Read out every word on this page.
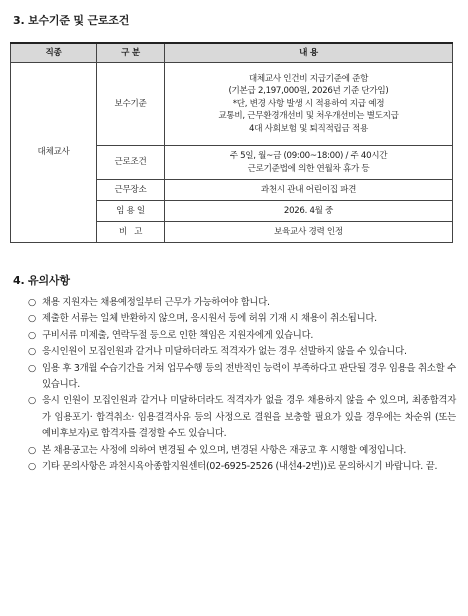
3. 보수기준 및 근로조건
직종	구 분	내 용
대체교사	보수기준	대체교사 인건비 지급기준에 준함
(기본급 2,197,000원, 2026년 기준 단가임)
*단, 변경 사항 발생 시 적용하여 지급 예정
교통비, 근무환경개선비 및 처우개선비는 별도지급
4대 사회보험 및 퇴직적립금 적용

	근로조건	주 5일, 월~금 (09:00~18:00) / 주 40시간
근로기준법에 의한 연월차 휴가 등

	근무장소	과천시 관내 어린이집 파견
	임 용 일	2026. 4월 중
	비   고	보육교사 경력 인정
4. 유의사항
○ 채용 지원자는 채용예정일부터 근무가 가능하여야 합니다.
○ 제출한 서류는 일체 반환하지 않으며, 응시원서 등에 허위 기재 시 채용이 취소됩니다.
○ 구비서류 미제출, 연락두절 등으로 인한 책임은 지원자에게 있습니다.
○ 응시인원이 모집인원과 같거나 미달하더라도 적격자가 없는 경우 선발하지 않을 수 있습니다.
○ 임용 후 3개월 수습기간을 거쳐 업무수행 등의 전반적인 능력이 부족하다고 판단될 경우 임용을 취소할 수 있습니다.
○ 응시 인원이 모집인원과 같거나 미달하더라도 적격자가 없을 경우 채용하지 않을 수 있으며, 최종합격자가 임용포기· 합격취소· 임용결격사유 등의 사정으로 결원을 보충할 필요가 있을 경우에는 차순위 (또는 예비후보자)로 합격자를 결정할 수도 있습니다.
○ 본 채용공고는 사정에 의하여 변경될 수 있으며, 변경된 사항은 재공고 후 시행할 예정입니다.
○ 기타 문의사항은 과천시육아종합지원센터(02-6925-2526 (내선4-2번))로 문의하시기 바랍니다. 끝.
